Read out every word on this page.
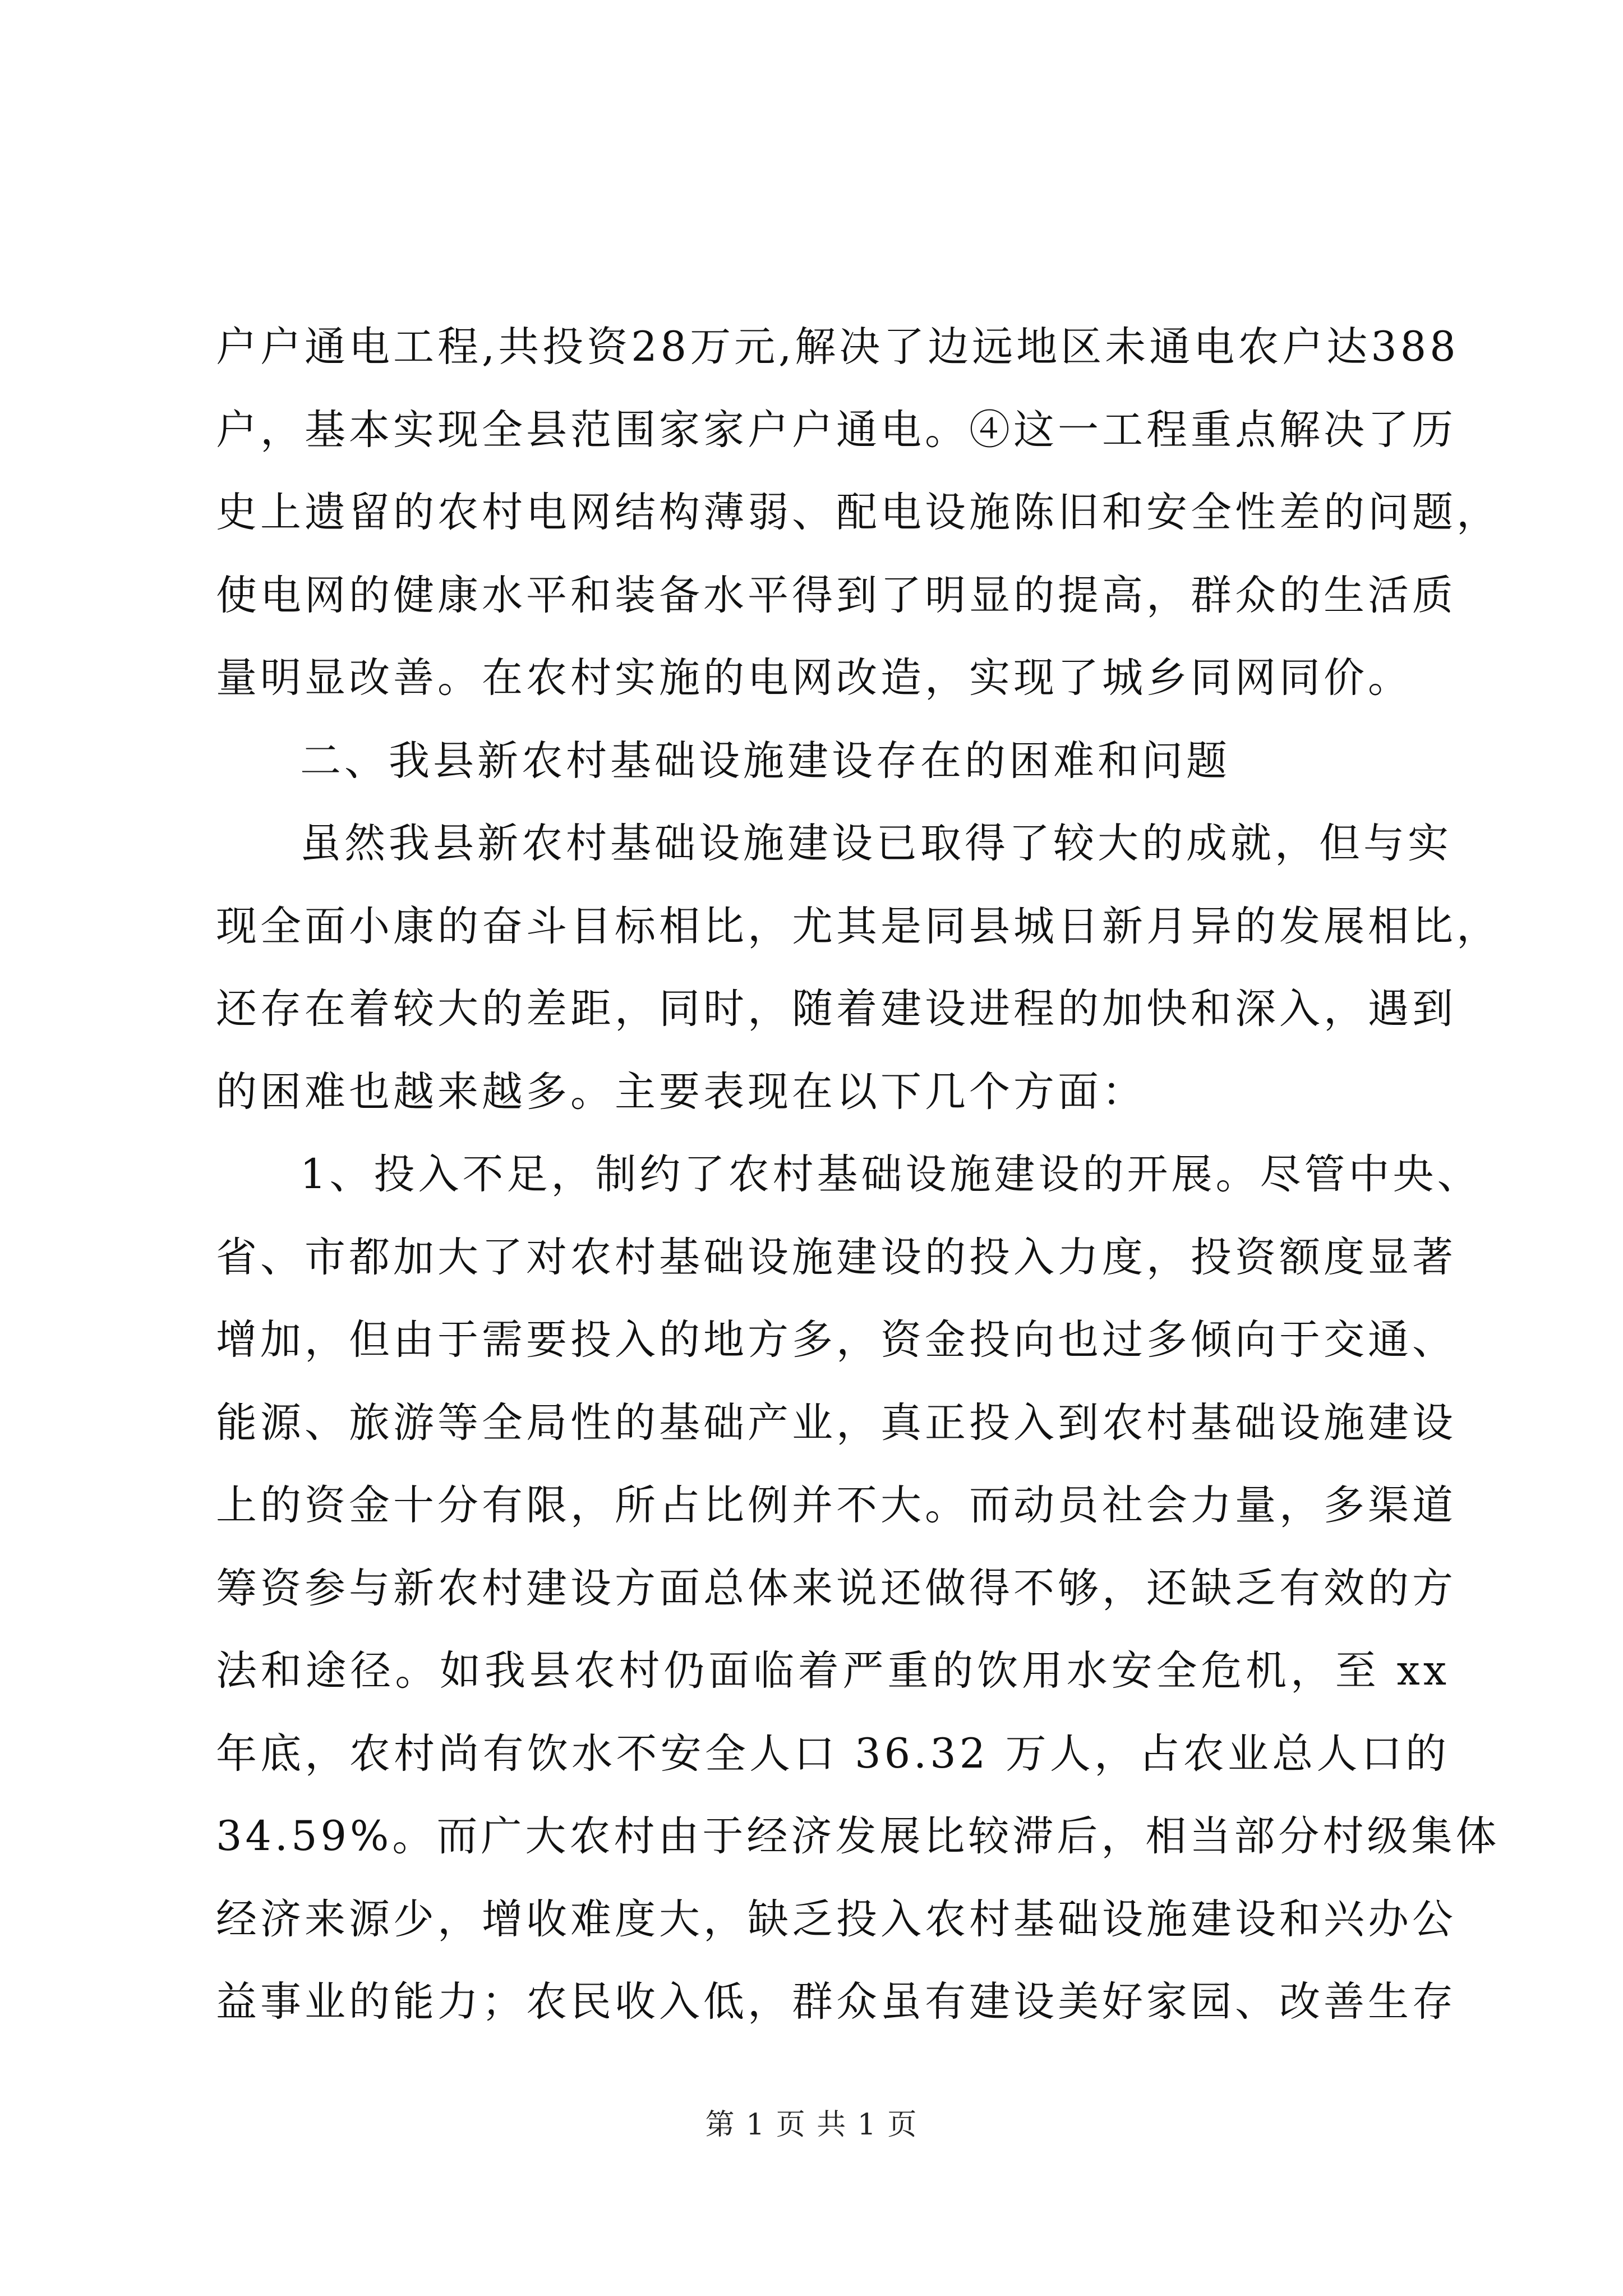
户户通电工程,共投资28万元,解决了边远地区未通电农户达388
户，基本实现全县范围家家户户通电。④这一工程重点解决了历
史上遗留的农村电网结构薄弱、配电设施陈旧和安全性差的问题，
使电网的健康水平和装备水平得到了明显的提高，群众的生活质
量明显改善。在农村实施的电网改造，实现了城乡同网同价。
二、我县新农村基础设施建设存在的困难和问题
虽然我县新农村基础设施建设已取得了较大的成就，但与实
现全面小康的奋斗目标相比，尤其是同县城日新月异的发展相比，
还存在着较大的差距，同时，随着建设进程的加快和深入，遇到
的困难也越来越多。主要表现在以下几个方面：
1、投入不足，制约了农村基础设施建设的开展。尽管中央、
省、市都加大了对农村基础设施建设的投入力度，投资额度显著
增加，但由于需要投入的地方多，资金投向也过多倾向于交通、
能源、旅游等全局性的基础产业，真正投入到农村基础设施建设
上的资金十分有限，所占比例并不大。而动员社会力量，多渠道
筹资参与新农村建设方面总体来说还做得不够，还缺乏有效的方
法和途径。如我县农村仍面临着严重的饮用水安全危机，至 xx
年底，农村尚有饮水不安全人口 36.32 万人，占农业总人口的
34.59%。而广大农村由于经济发展比较滞后，相当部分村级集体
经济来源少，增收难度大，缺乏投入农村基础设施建设和兴办公
益事业的能力；农民收入低，群众虽有建设美好家园、改善生存
第 1 页 共 1 页
